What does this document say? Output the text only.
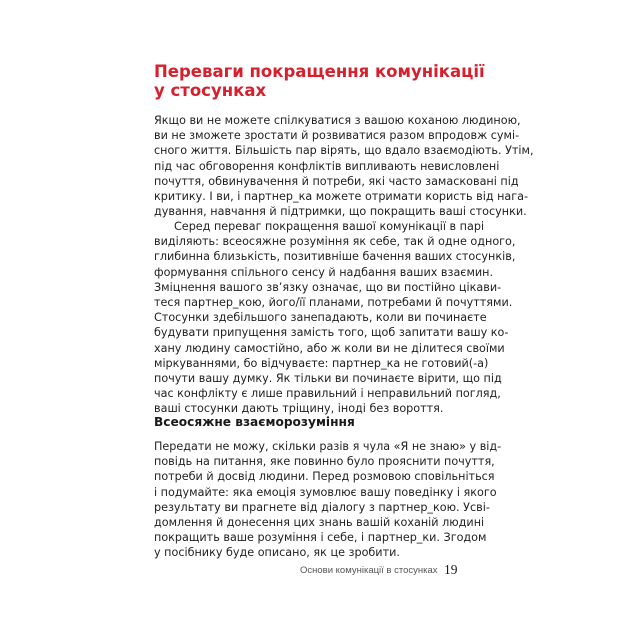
Переваги покращення комунікації
у стосунках
Якщо ви не можете спілкуватися з вашою коханою людиною,
ви не зможете зростати й розвиватися разом впродовж сумі-
сного життя. Більшість пар вірять, що вдало взаємодіють. Утім,
під час обговорення конфліктів випливають невисловлені
почуття, обвинувачення й потреби, які часто замасковані під
критику. І ви, і партнер_ка можете отримати користь від нага-
дування, навчання й підтримки, що покращить ваші стосунки.
Серед переваг покращення вашої комунікації в парі
виділяють: всеосяжне розуміння як себе, так й одне одного,
глибинна близькість, позитивніше бачення ваших стосунків,
формування спільного сенсу й надбання ваших взаємин.
Зміцнення вашого зв’язку означає, що ви постійно цікави-
теся партнер_кою, його/її планами, потребами й почуттями.
Стосунки здебільшого занепадають, коли ви починаєте
будувати припущення замість того, щоб запитати вашу ко-
хану людину самостійно, або ж коли ви не ділитеся своїми
міркуваннями, бо відчуваєте: партнер_ка не готовий(-а)
почути вашу думку. Як тільки ви починаєте вірити, що під
час конфлікту є лише правильний і неправильний погляд,
ваші стосунки дають тріщину, іноді без вороття.
Всеосяжне взаєморозуміння
Передати не можу, скільки разів я чула «Я не знаю» у від-
повідь на питання, яке повинно було прояснити почуття,
потреби й досвід людини. Перед розмовою сповільніться
і подумайте: яка емоція зумовлює вашу поведінку і якого
результату ви прагнете від діалогу з партнер_кою. Усві-
домлення й донесення цих знань вашій коханій людині
покращить ваше розуміння і себе, і партнер_ки. Згодом
у посібнику буде описано, як це зробити.
Основи комунікації в стосунках 19
